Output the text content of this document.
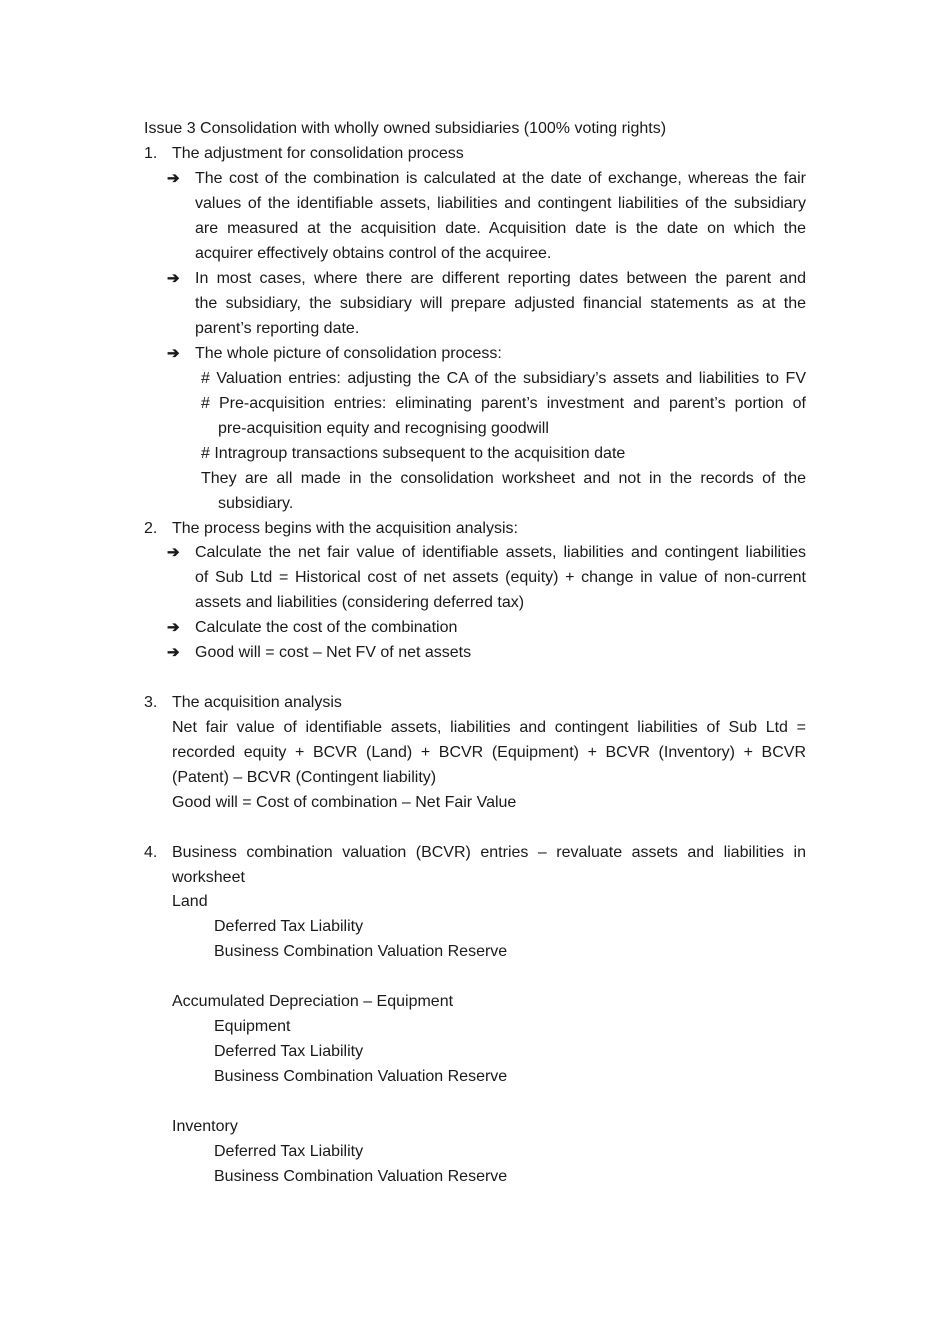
Issue 3 Consolidation with wholly owned subsidiaries (100% voting rights)
1. The adjustment for consolidation process
➔ The cost of the combination is calculated at the date of exchange, whereas the fair
values of the identifiable assets, liabilities and contingent liabilities of the subsidiary
are measured at the acquisition date. Acquisition date is the date on which the
acquirer effectively obtains control of the acquiree.
➔ In most cases, where there are different reporting dates between the parent and
the subsidiary, the subsidiary will prepare adjusted financial statements as at the
parent’s reporting date.
➔ The whole picture of consolidation process:
# Valuation entries: adjusting the CA of the subsidiary’s assets and liabilities to FV
# Pre-acquisition entries: eliminating parent’s investment and parent’s portion of
pre-acquisition equity and recognising goodwill
# Intragroup transactions subsequent to the acquisition date
They are all made in the consolidation worksheet and not in the records of the
subsidiary.
2. The process begins with the acquisition analysis:
➔ Calculate the net fair value of identifiable assets, liabilities and contingent liabilities
of Sub Ltd = Historical cost of net assets (equity) + change in value of non-current
assets and liabilities (considering deferred tax)
➔ Calculate the cost of the combination
➔ Good will = cost – Net FV of net assets
3. The acquisition analysis
Net fair value of identifiable assets, liabilities and contingent liabilities of Sub Ltd =
recorded equity + BCVR (Land) + BCVR (Equipment) + BCVR (Inventory) + BCVR
(Patent) – BCVR (Contingent liability)
Good will = Cost of combination – Net Fair Value
4. Business combination valuation (BCVR) entries – revaluate assets and liabilities in
worksheet
Land
Deferred Tax Liability
Business Combination Valuation Reserve
Accumulated Depreciation – Equipment
Equipment
Deferred Tax Liability
Business Combination Valuation Reserve
Inventory
Deferred Tax Liability
Business Combination Valuation Reserve
